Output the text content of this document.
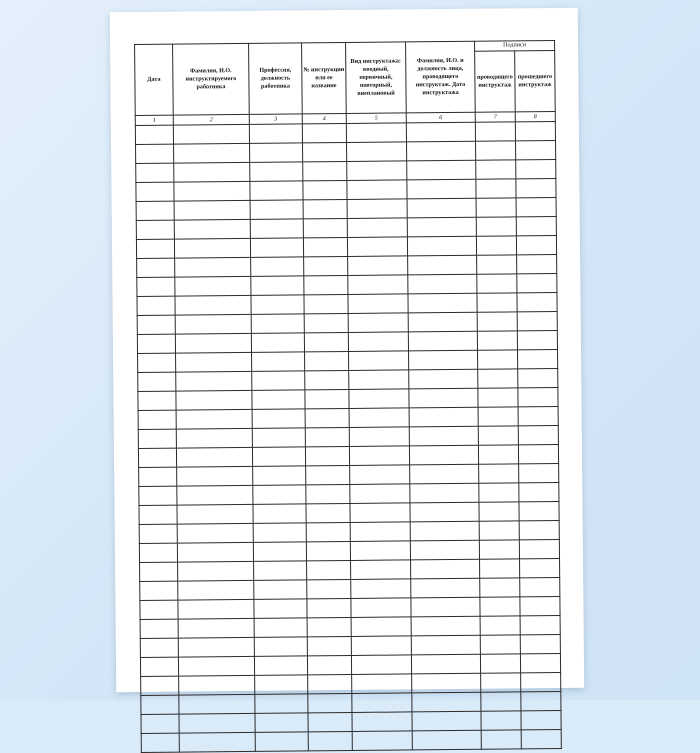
Дата	Фамилия, И.О. инструктируемого работника	Профессия, должность работника	№ инструкции или ее название	Вид инструктажа: вводный, первичный, повторный, внеплановый	Фамилия, И.О. и должность лица, проводящего инструктаж. Дата инструктажа	Подписи	
						проводящего инструктаж	прошедшего инструктаж
1	2	3	4	5	6	7	8
